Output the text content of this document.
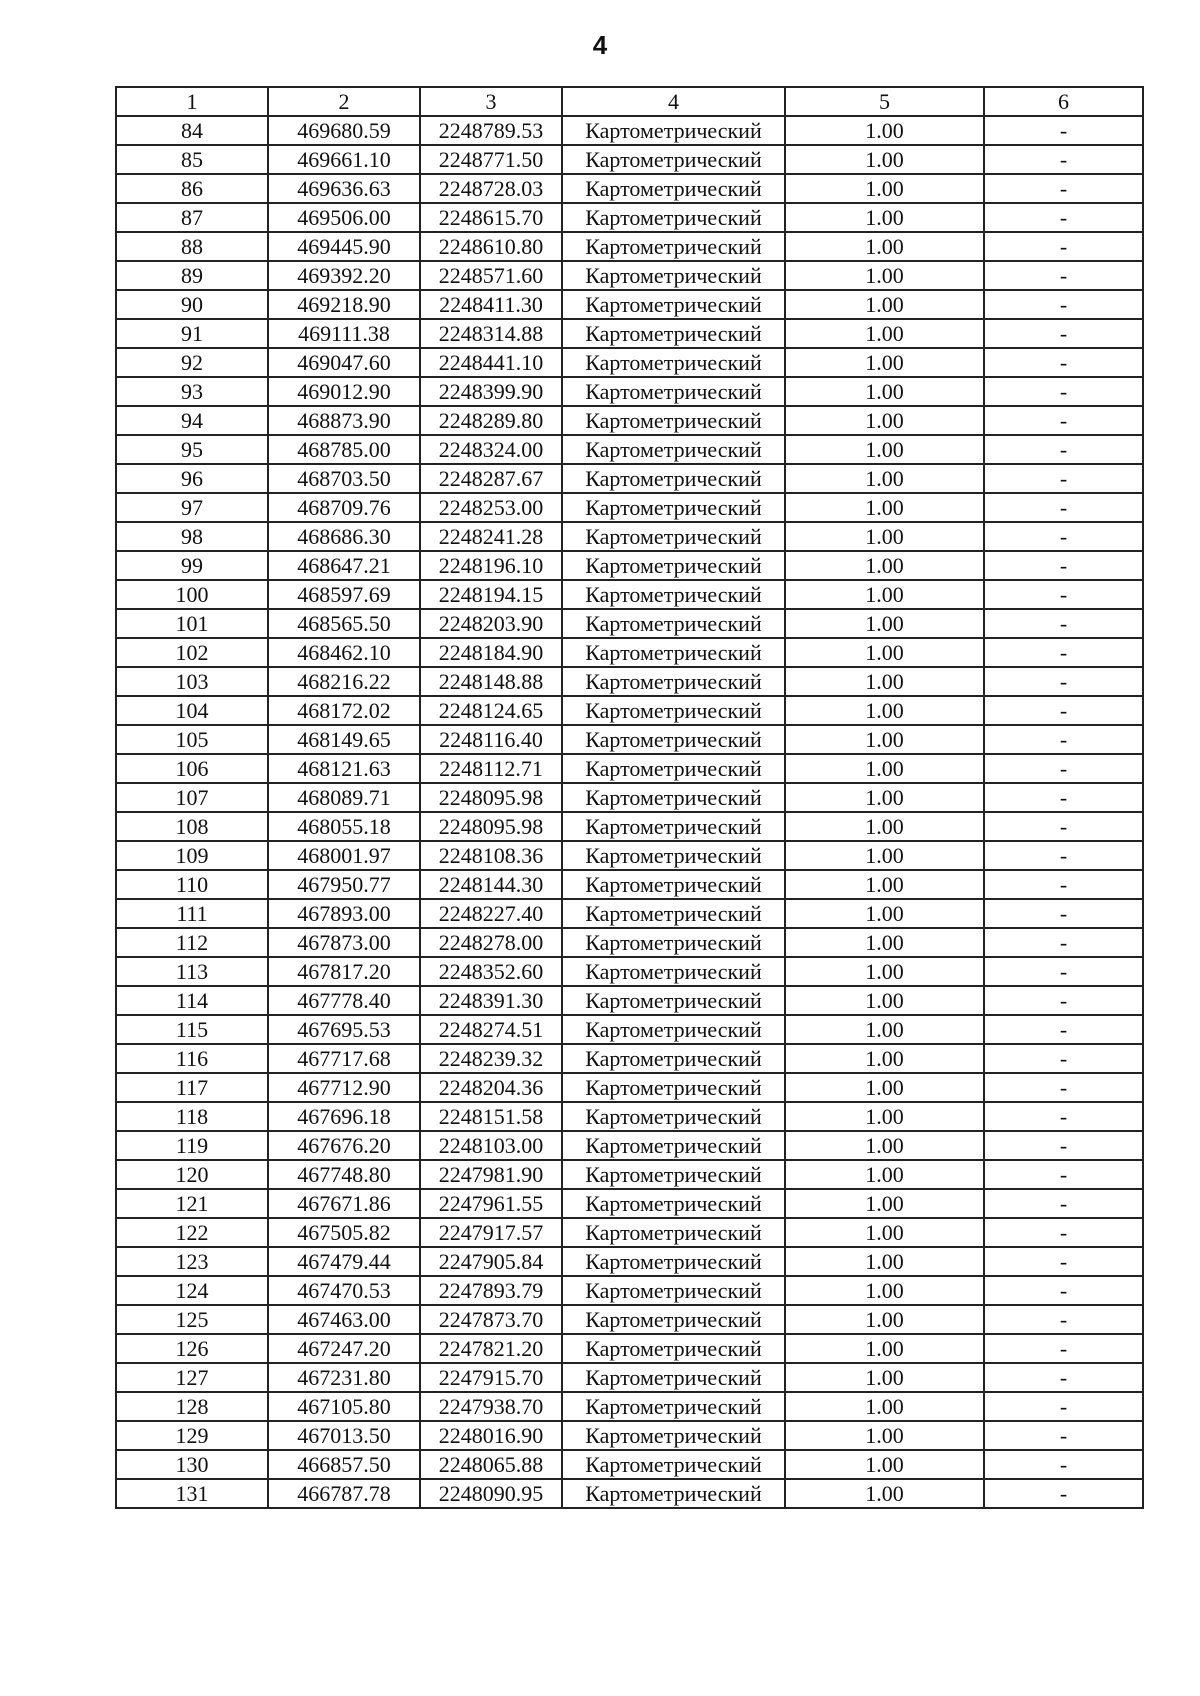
4
1	2	3	4	5	6
84	469680.59	2248789.53	Картометрический	1.00	-
85	469661.10	2248771.50	Картометрический	1.00	-
86	469636.63	2248728.03	Картометрический	1.00	-
87	469506.00	2248615.70	Картометрический	1.00	-
88	469445.90	2248610.80	Картометрический	1.00	-
89	469392.20	2248571.60	Картометрический	1.00	-
90	469218.90	2248411.30	Картометрический	1.00	-
91	469111.38	2248314.88	Картометрический	1.00	-
92	469047.60	2248441.10	Картометрический	1.00	-
93	469012.90	2248399.90	Картометрический	1.00	-
94	468873.90	2248289.80	Картометрический	1.00	-
95	468785.00	2248324.00	Картометрический	1.00	-
96	468703.50	2248287.67	Картометрический	1.00	-
97	468709.76	2248253.00	Картометрический	1.00	-
98	468686.30	2248241.28	Картометрический	1.00	-
99	468647.21	2248196.10	Картометрический	1.00	-
100	468597.69	2248194.15	Картометрический	1.00	-
101	468565.50	2248203.90	Картометрический	1.00	-
102	468462.10	2248184.90	Картометрический	1.00	-
103	468216.22	2248148.88	Картометрический	1.00	-
104	468172.02	2248124.65	Картометрический	1.00	-
105	468149.65	2248116.40	Картометрический	1.00	-
106	468121.63	2248112.71	Картометрический	1.00	-
107	468089.71	2248095.98	Картометрический	1.00	-
108	468055.18	2248095.98	Картометрический	1.00	-
109	468001.97	2248108.36	Картометрический	1.00	-
110	467950.77	2248144.30	Картометрический	1.00	-
111	467893.00	2248227.40	Картометрический	1.00	-
112	467873.00	2248278.00	Картометрический	1.00	-
113	467817.20	2248352.60	Картометрический	1.00	-
114	467778.40	2248391.30	Картометрический	1.00	-
115	467695.53	2248274.51	Картометрический	1.00	-
116	467717.68	2248239.32	Картометрический	1.00	-
117	467712.90	2248204.36	Картометрический	1.00	-
118	467696.18	2248151.58	Картометрический	1.00	-
119	467676.20	2248103.00	Картометрический	1.00	-
120	467748.80	2247981.90	Картометрический	1.00	-
121	467671.86	2247961.55	Картометрический	1.00	-
122	467505.82	2247917.57	Картометрический	1.00	-
123	467479.44	2247905.84	Картометрический	1.00	-
124	467470.53	2247893.79	Картометрический	1.00	-
125	467463.00	2247873.70	Картометрический	1.00	-
126	467247.20	2247821.20	Картометрический	1.00	-
127	467231.80	2247915.70	Картометрический	1.00	-
128	467105.80	2247938.70	Картометрический	1.00	-
129	467013.50	2248016.90	Картометрический	1.00	-
130	466857.50	2248065.88	Картометрический	1.00	-
131	466787.78	2248090.95	Картометрический	1.00	-
